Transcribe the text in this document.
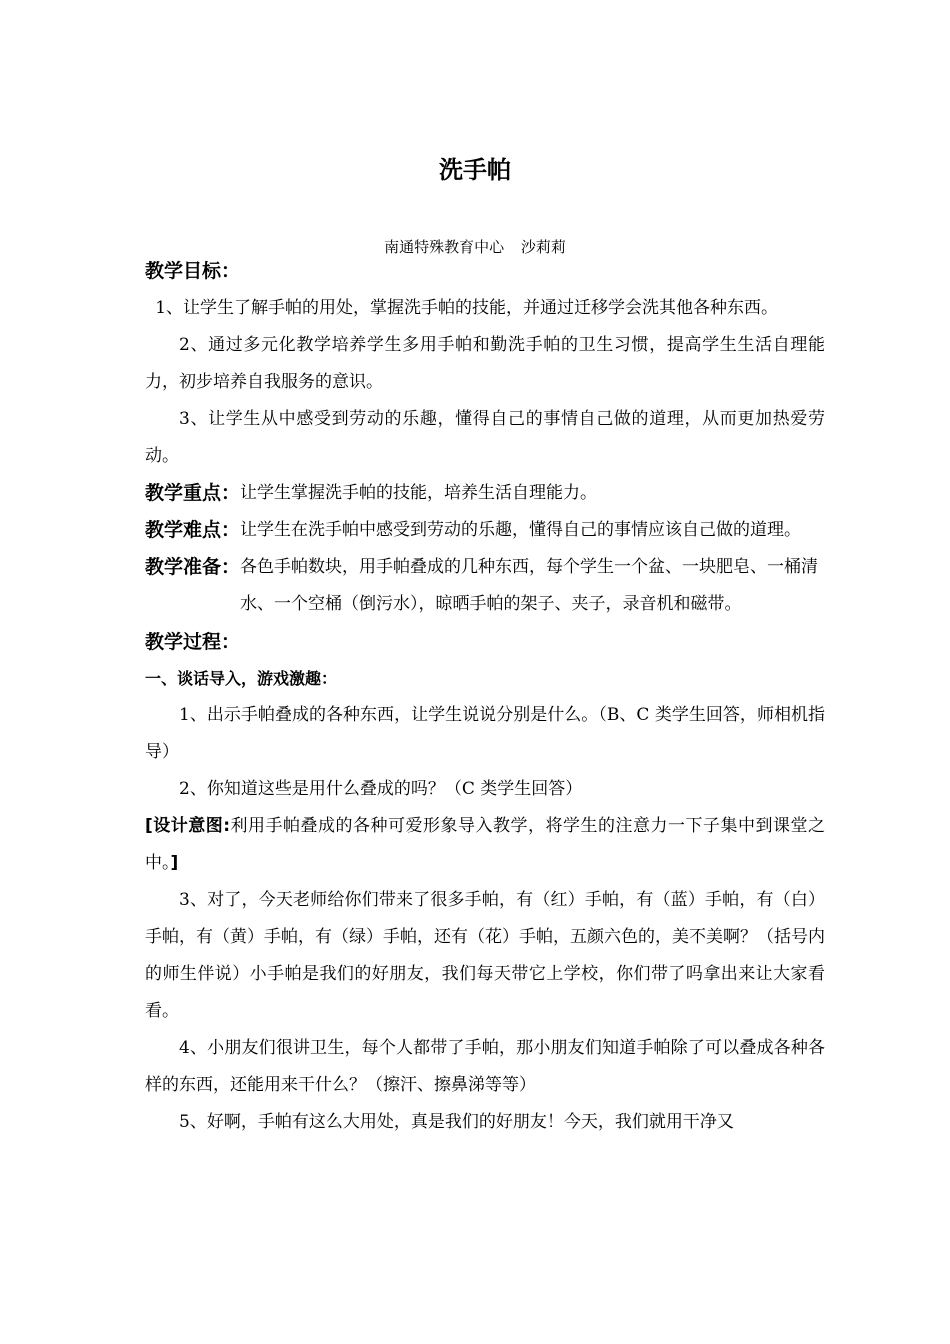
洗手帕
南通特殊教育中心 沙莉莉

教学目标：

1、让学生了解手帕的用处，掌握洗手帕的技能，并通过迁移学会洗其他各种东西。

2、通过多元化教学培养学生多用手帕和勤洗手帕的卫生习惯，提高学生生活自理能力，初步培养自我服务的意识。

3、让学生从中感受到劳动的乐趣，懂得自己的事情自己做的道理，从而更加热爱劳动。

教学重点： 让学生掌握洗手帕的技能，培养生活自理能力。
教学难点： 让学生在洗手帕中感受到劳动的乐趣，懂得自己的事情应该自己做的道理。
教学准备： 各色手帕数块，用手帕叠成的几种东西，每个学生一个盆、一块肥皂、一桶清水、一个空桶（倒污水），晾晒手帕的架子、夹子，录音机和磁带。

教学过程：

一、谈话导入，游戏激趣：

1、出示手帕叠成的各种东西，让学生说说分别是什么。（B、C 类学生回答，师相机指导）

2、你知道这些是用什么叠成的吗？（C 类学生回答）

[设计意图:利用手帕叠成的各种可爱形象导入教学，将学生的注意力一下子集中到课堂之中。]

3、对了，今天老师给你们带来了很多手帕，有（红）手帕，有（蓝）手帕，有（白）手帕，有（黄）手帕，有（绿）手帕，还有（花）手帕，五颜六色的，美不美啊？（括号内的师生伴说）小手帕是我们的好朋友，我们每天带它上学校，你们带了吗拿出来让大家看看。

4、小朋友们很讲卫生，每个人都带了手帕，那小朋友们知道手帕除了可以叠成各种各样的东西，还能用来干什么？（擦汗、擦鼻涕等等）

5、好啊，手帕有这么大用处，真是我们的好朋友！今天，我们就用干净又
